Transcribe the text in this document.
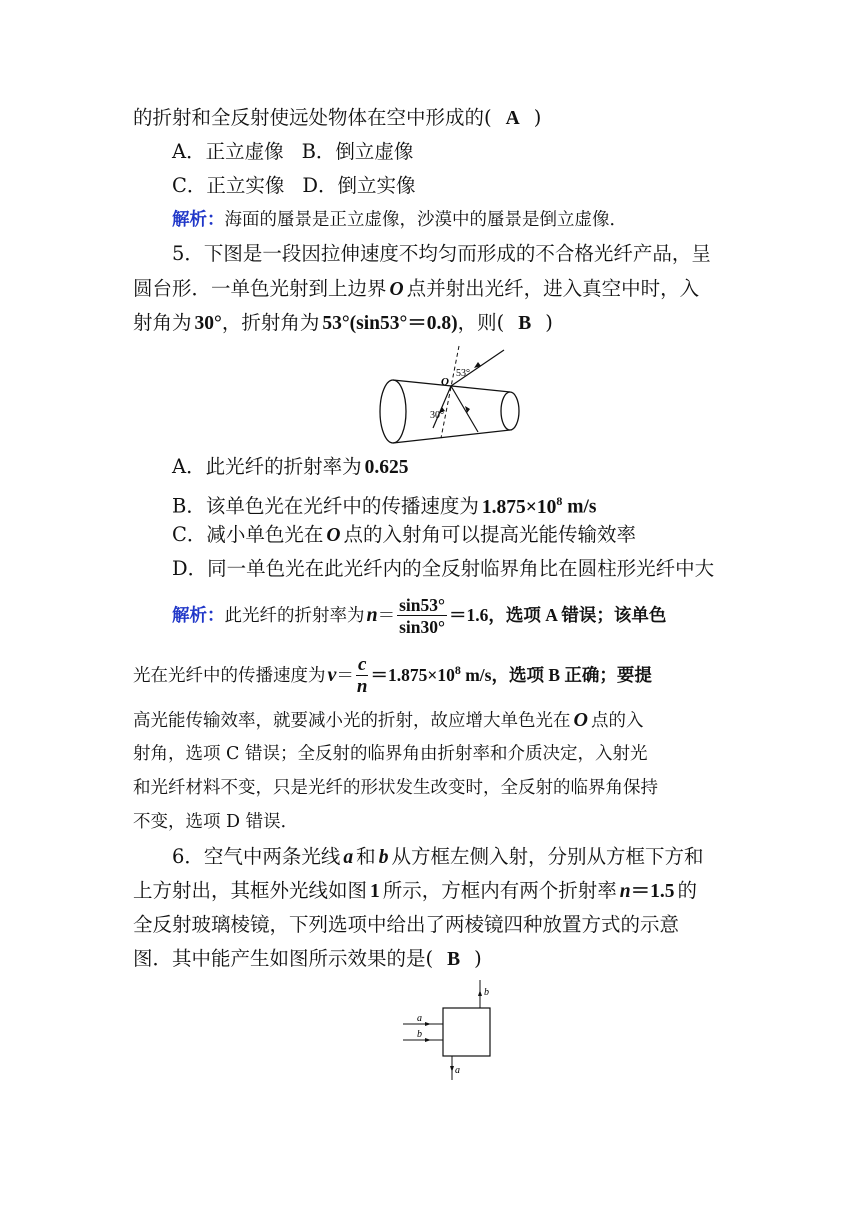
的折射和全反射使远处物体在空中形成的( A )
A．正立虚像 B．倒立虚像
C．正立实像 D．倒立实像
解析：海面的蜃景是正立虚像，沙漠中的蜃景是倒立虚像．
5．下图是一段因拉伸速度不均匀而形成的不合格光纤产品，呈
圆台形．一单色光射到上边界 O 点并射出光纤，进入真空中时，入
射角为 30°，折射角为 53°(sin53°＝0.8)，则( B )
O
53°
30°
A．此光纤的折射率为 0.625
B．该单色光在光纤中的传播速度为 $1.875\times 10^8$ m/s
C．减小单色光在 O 点的入射角可以提高光能传输效率
D．同一单色光在此光纤内的全反射临界角比在圆柱形光纤中大
解析：此光纤的折射率为 $n= \frac{\sin 53^\circ}{\sin 30^\circ} =1.6$，选项 A 错误；该单色
光在光纤中的传播速度为 $v= \frac{c}{n} =1.875\times 10^8$ m/s，选项 B 正确；要提
高光能传输效率，就要减小光的折射，故应增大单色光在 O 点的入
射角，选项 C 错误；全反射的临界角由折射率和介质决定，入射光
和光纤材料不变，只是光纤的形状发生改变时，全反射的临界角保持
不变，选项 D 错误．
6．空气中两条光线 a 和 b 从方框左侧入射，分别从方框下方和
上方射出，其框外光线如图 1 所示，方框内有两个折射率 n＝1.5 的
全反射玻璃棱镜，下列选项中给出了两棱镜四种放置方式的示意
图．其中能产生如图所示效果的是( B )
a
b
b
a
